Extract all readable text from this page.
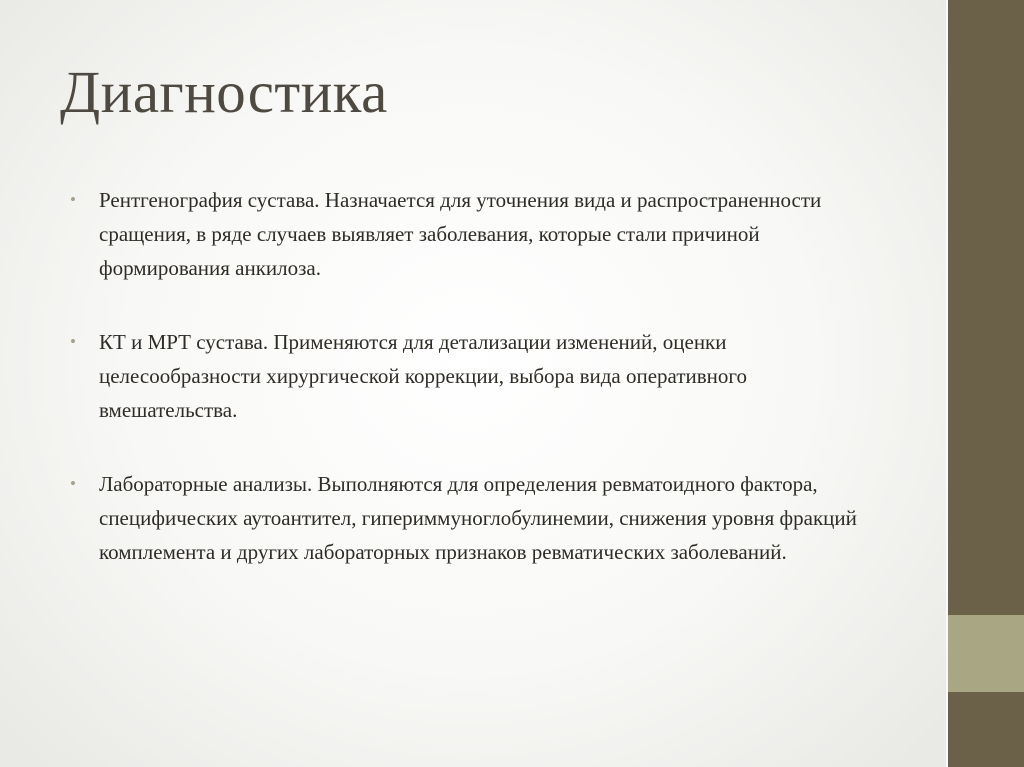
Диагностика
•	Рентгенография сустава. Назначается для уточнения вида и распространенности сращения, в ряде случаев выявляет заболевания, которые стали причиной формирования анкилоза.
•	КТ и МРТ сустава. Применяются для детализации изменений, оценки целесообразности хирургической коррекции, выбора вида оперативного вмешательства.
•	Лабораторные анализы. Выполняются для определения ревматоидного фактора, специфических аутоантител, гипериммуноглобулинемии, снижения уровня фракций комплемента и других лабораторных признаков ревматических заболеваний.
